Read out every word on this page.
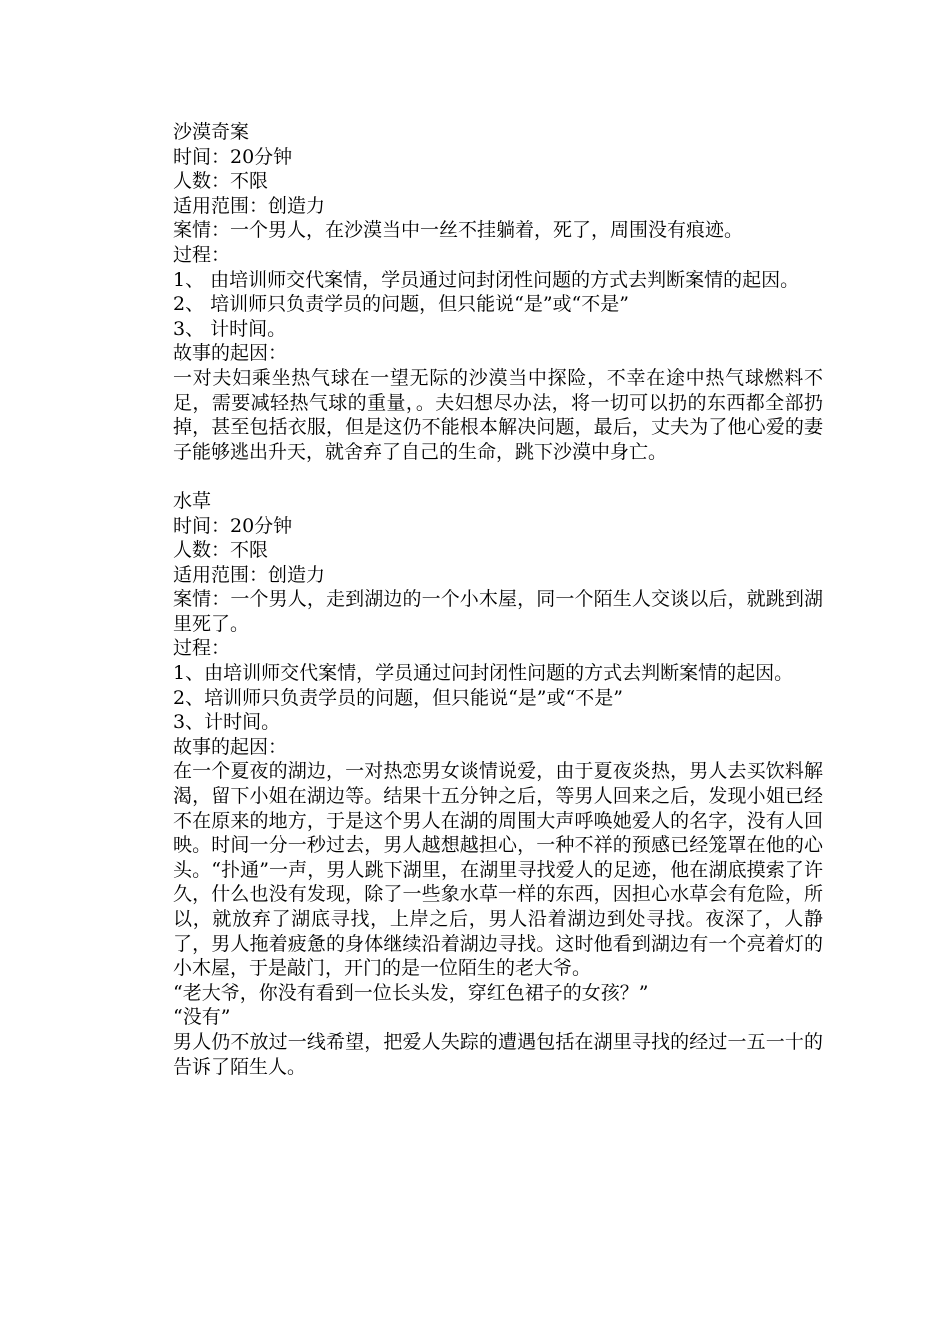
沙漠奇案
时间：20分钟
人数：不限
适用范围：创造力
案情：一个男人，在沙漠当中一丝不挂躺着，死了，周围没有痕迹。
过程：
1、 由培训师交代案情，学员通过问封闭性问题的方式去判断案情的起因。
2、 培训师只负责学员的问题，但只能说“是”或“不是”
3、 计时间。
故事的起因：
一对夫妇乘坐热气球在一望无际的沙漠当中探险，不幸在途中热气球燃料不足，需要减轻热气球的重量，。夫妇想尽办法，将一切可以扔的东西都全部扔掉，甚至包括衣服，但是这仍不能根本解决问题，最后，丈夫为了他心爱的妻子能够逃出升天，就舍弃了自己的生命，跳下沙漠中身亡。
水草
时间：20分钟
人数：不限
适用范围：创造力
案情：一个男人，走到湖边的一个小木屋，同一个陌生人交谈以后，就跳到湖里死了。
过程：
1、由培训师交代案情，学员通过问封闭性问题的方式去判断案情的起因。
2、培训师只负责学员的问题，但只能说“是”或“不是”
3、计时间。
故事的起因：
在一个夏夜的湖边，一对热恋男女谈情说爱，由于夏夜炎热，男人去买饮料解渴，留下小姐在湖边等。结果十五分钟之后，等男人回来之后，发现小姐已经不在原来的地方，于是这个男人在湖的周围大声呼唤她爱人的名字，没有人回映。时间一分一秒过去，男人越想越担心，一种不祥的预感已经笼罩在他的心头。“扑通”一声，男人跳下湖里，在湖里寻找爱人的足迹，他在湖底摸索了许久，什么也没有发现，除了一些象水草一样的东西，因担心水草会有危险，所以，就放弃了湖底寻找，上岸之后，男人沿着湖边到处寻找。夜深了，人静了，男人拖着疲惫的身体继续沿着湖边寻找。这时他看到湖边有一个亮着灯的小木屋，于是敲门，开门的是一位陌生的老大爷。
“老大爷，你没有看到一位长头发，穿红色裙子的女孩？”
“没有”
男人仍不放过一线希望，把爱人失踪的遭遇包括在湖里寻找的经过一五一十的告诉了陌生人。
